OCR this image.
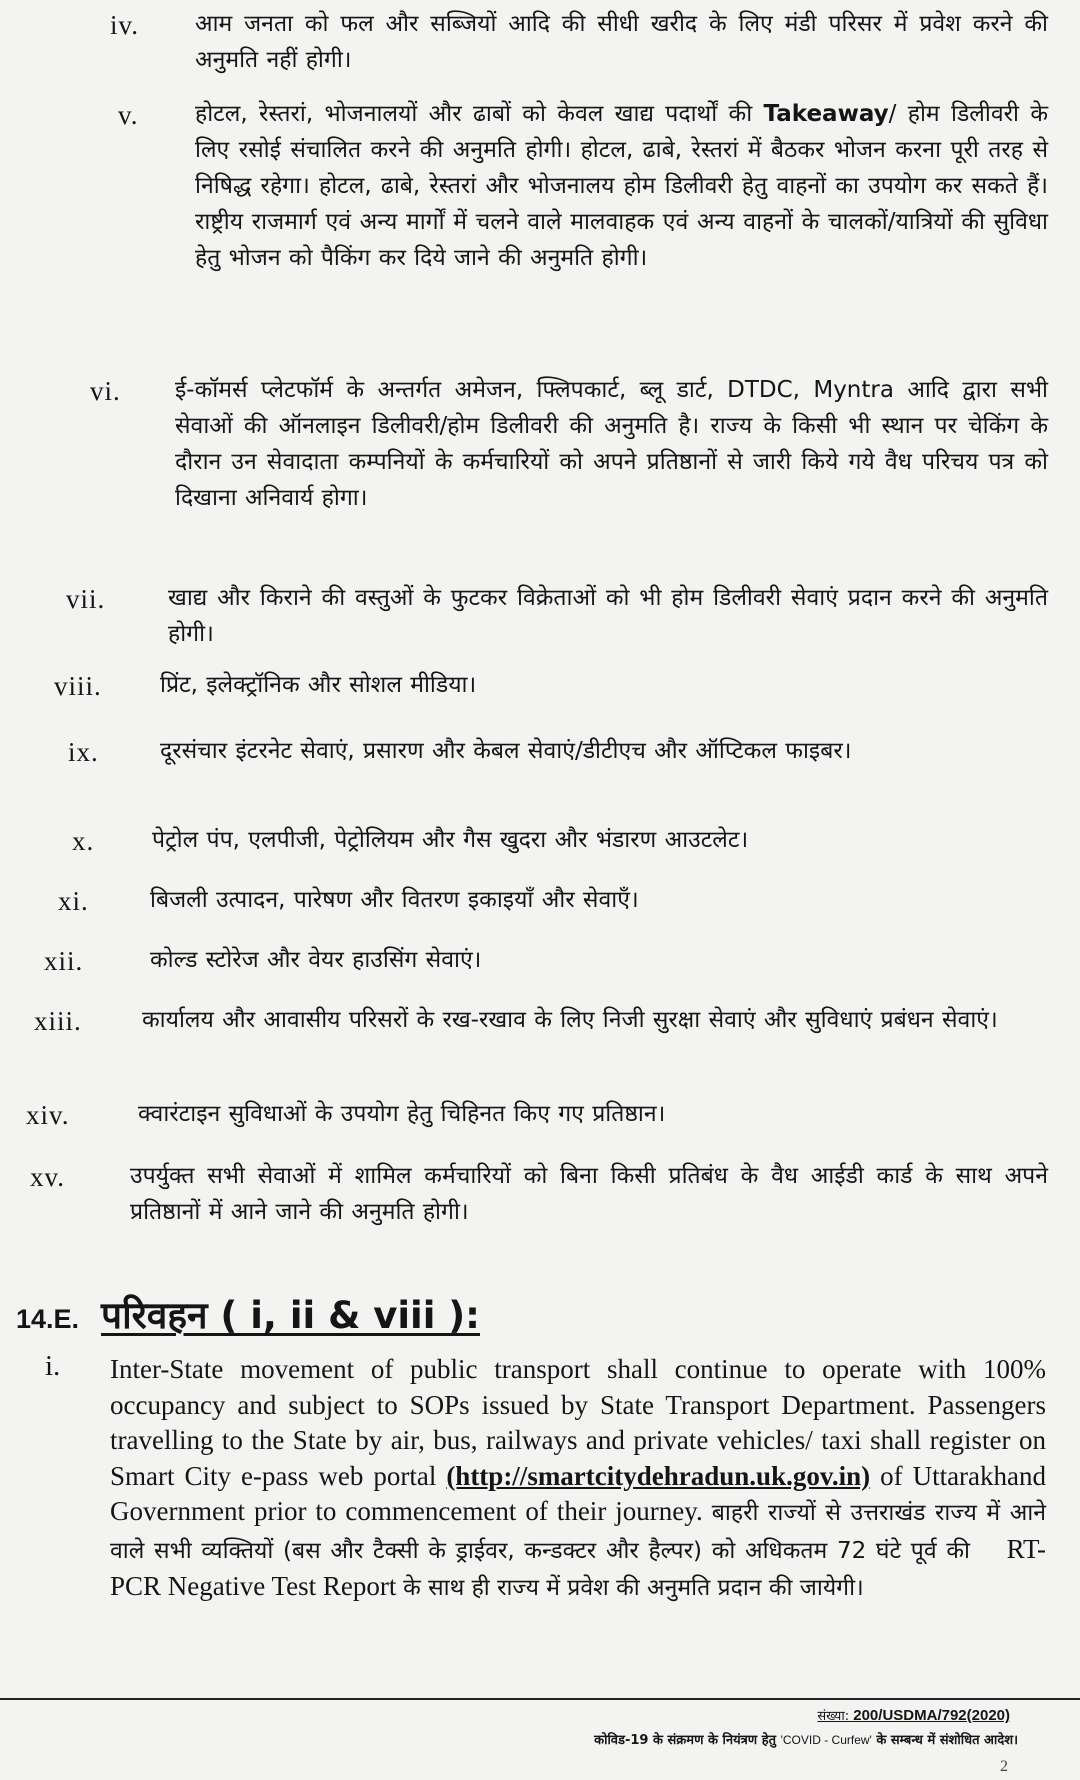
iv. आम जनता को फल और सब्जियों आदि की सीधी खरीद के लिए मंडी परिसर में प्रवेश करने की अनुमति नहीं होगी।
v. होटल, रेस्तरां, भोजनालयों और ढाबों को केवल खाद्य पदार्थों की Takeaway/ होम डिलीवरी के लिए रसोई संचालित करने की अनुमति होगी। होटल, ढाबे, रेस्तरां में बैठकर भोजन करना पूरी तरह से निषिद्ध रहेगा। होटल, ढाबे, रेस्तरां और भोजनालय होम डिलीवरी हेतु वाहनों का उपयोग कर सकते हैं। राष्ट्रीय राजमार्ग एवं अन्य मार्गों में चलने वाले मालवाहक एवं अन्य वाहनों के चालकों/यात्रियों की सुविधा हेतु भोजन को पैकिंग कर दिये जाने की अनुमति होगी।
vi. ई-कॉमर्स प्लेटफॉर्म के अन्तर्गत अमेजन, फ्लिपकार्ट, ब्लू डार्ट, DTDC, Myntra आदि द्वारा सभी सेवाओं की ऑनलाइन डिलीवरी/होम डिलीवरी की अनुमति है। राज्य के किसी भी स्थान पर चेकिंग के दौरान उन सेवादाता कम्पनियों के कर्मचारियों को अपने प्रतिष्ठानों से जारी किये गये वैध परिचय पत्र को दिखाना अनिवार्य होगा।
vii.	खाद्य और किराने की वस्तुओं के फुटकर विक्रेताओं को भी होम डिलीवरी सेवाएं प्रदान करने की अनुमति होगी।
viii.	प्रिंट, इलेक्ट्रॉनिक और सोशल मीडिया।
ix.	दूरसंचार इंटरनेट सेवाएं, प्रसारण और केबल सेवाएं/डीटीएच और ऑप्टिकल फाइबर।
x.	पेट्रोल पंप, एलपीजी, पेट्रोलियम और गैस खुदरा और भंडारण आउटलेट।
xi.	बिजली उत्पादन, पारेषण और वितरण इकाइयाँ और सेवाएँ।
xii.	कोल्ड स्टोरेज और वेयर हाउसिंग सेवाएं।
xiii.	कार्यालय और आवासीय परिसरों के रख-रखाव के लिए निजी सुरक्षा सेवाएं और सुविधाएं प्रबंधन सेवाएं।
xiv.	क्वारंटाइन सुविधाओं के उपयोग हेतु चिहिनत किए गए प्रतिष्ठान।
xv.	उपर्युक्त सभी सेवाओं में शामिल कर्मचारियों को बिना किसी प्रतिबंध के वैध आईडी कार्ड के साथ अपने प्रतिष्ठानों में आने जाने की अनुमति होगी।
14.E. परिवहन ( i, ii & viii ):
i. Inter-State movement of public transport shall continue to operate with 100% occupancy and subject to SOPs issued by State Transport Department. Passengers travelling to the State by air, bus, railways and private vehicles/ taxi shall register on Smart City e-pass web portal (http://smartcitydehradun.uk.gov.in) of Uttarakhand Government prior to commencement of their journey. बाहरी राज्यों से उत्तराखंड राज्य में आने वाले सभी व्यक्तियों (बस और टैक्सी के ड्राईवर, कन्डक्टर और हैल्पर) को अधिकतम 72 घंटे पूर्व की RT-PCR Negative Test Report के साथ ही राज्य में प्रवेश की अनुमति प्रदान की जायेगी।
संख्या: 200/USDMA/792(2020)
कोविड-19 के संक्रमण के नियंत्रण हेतु 'COVID - Curfew' के सम्बन्ध में संशोधित आदेश।
2
